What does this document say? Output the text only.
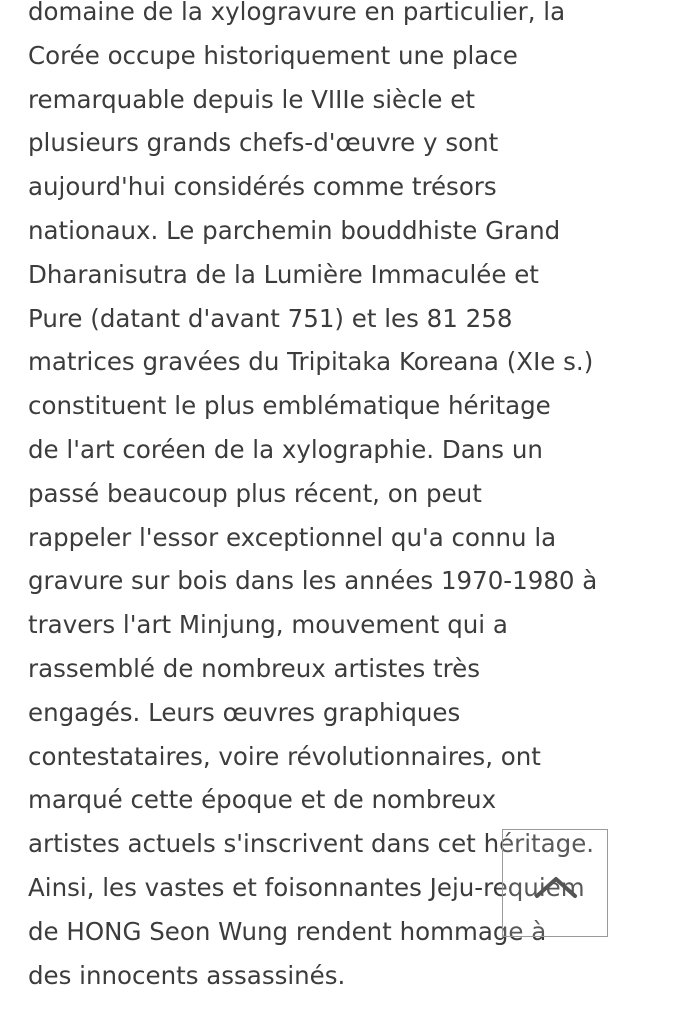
domaine de la xylogravure en particulier, la
Corée occupe historiquement une place
remarquable depuis le VIIIe siècle et
plusieurs grands chefs-d'œuvre y sont
aujourd'hui considérés comme trésors
nationaux. Le parchemin bouddhiste Grand
Dharanisutra de la Lumière Immaculée et
Pure (datant d'avant 751) et les 81 258
matrices gravées du Tripitaka Koreana (XIe s.)
constituent le plus emblématique héritage
de l'art coréen de la xylographie. Dans un
passé beaucoup plus récent, on peut
rappeler l'essor exceptionnel qu'a connu la
gravure sur bois dans les années 1970-1980 à
travers l'art Minjung, mouvement qui a
rassemblé de nombreux artistes très
engagés. Leurs œuvres graphiques
contestataires, voire révolutionnaires, ont
marqué cette époque et de nombreux
artistes actuels s'inscrivent dans cet héritage.
Ainsi, les vastes et foisonnantes Jeju-requiem
de HONG Seon Wung rendent hommage à
des innocents assassinés.
